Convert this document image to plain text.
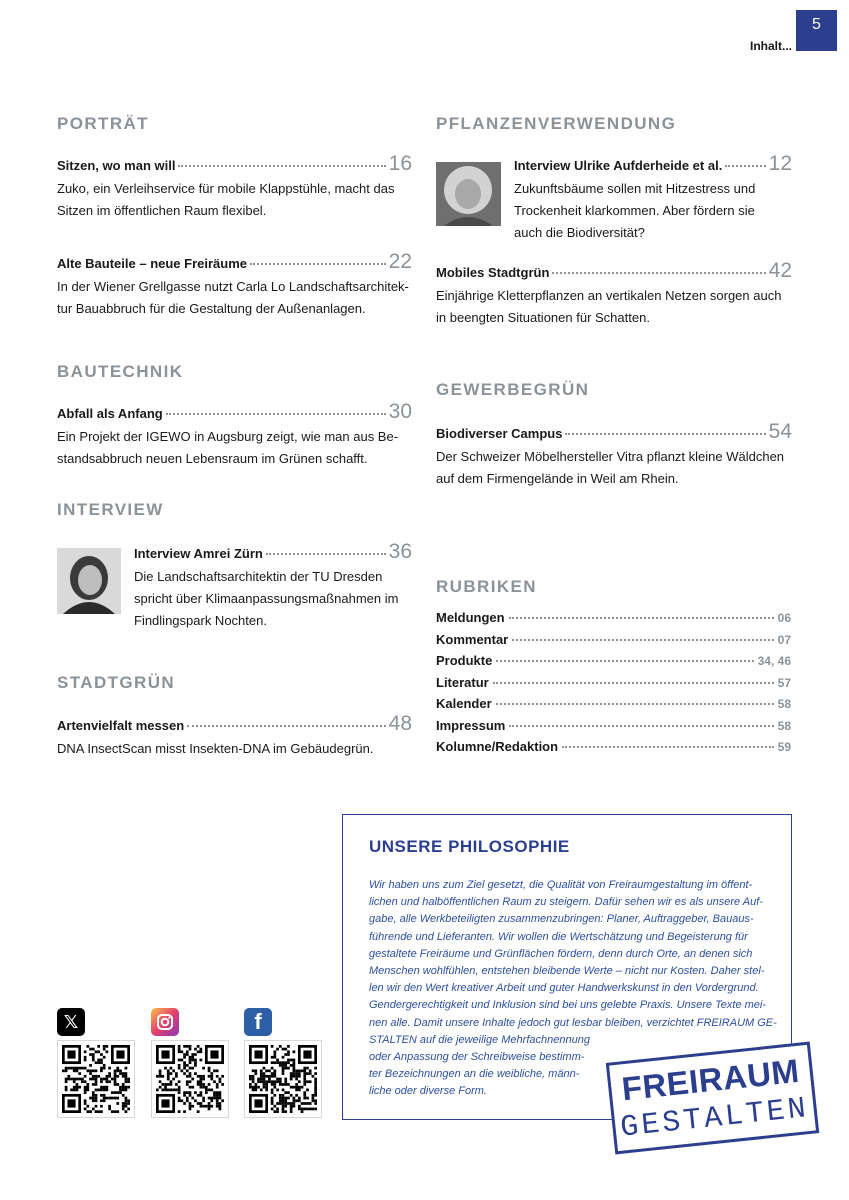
5
Inhalt...
PORTRÄT
Sitzen, wo man will	16
Zuko, ein Verleihservice für mobile Klappstühle, macht das
Sitzen im öffentlichen Raum flexibel.
Alte Bauteile – neue Freiräume	22
In der Wiener Grellgasse nutzt Carla Lo Landschaftsarchitek-
tur Bauabbruch für die Gestaltung der Außenanlagen.
BAUTECHNIK
Abfall als Anfang	30
Ein Projekt der IGEWO in Augsburg zeigt, wie man aus Be-
standsabbruch neuen Lebensraum im Grünen schafft.
INTERVIEW
Interview Amrei Zürn	36
Die Landschaftsarchitektin der TU Dresden
spricht über Klimaanpassungsmaßnahmen im
Findlingspark Nochten.
STADTGRÜN
Artenvielfalt messen	48
DNA InsectScan misst Insekten-DNA im Gebäudegrün.
PFLANZENVERWENDUNG
Interview Ulrike Aufderheide et al. 12
Zukunftsbäume sollen mit Hitzestress und
Trockenheit klarkommen. Aber fördern sie
auch die Biodiversität?
Mobiles Stadtgrün	42
Einjährige Kletterpflanzen an vertikalen Netzen sorgen auch
in beengten Situationen für Schatten.
GEWERBEGRÜN
Biodiverser Campus	54
Der Schweizer Möbelhersteller Vitra pflanzt kleine Wäldchen
auf dem Firmengelände in Weil am Rhein.
RUBRIKEN
Meldungen	06
Kommentar	07
Produkte	34, 46
Literatur	57
Kalender	58
Impressum	58
Kolumne/Redaktion	59
UNSERE PHILOSOPHIE
Wir haben uns zum Ziel gesetzt, die Qualität von Freiraumgestaltung im öffent-
lichen und halböffentlichen Raum zu steigern. Dafür sehen wir es als unsere Auf-
gabe, alle Werkbeteiligten zusammenzubringen: Planer, Auftraggeber, Bauaus-
führende und Lieferanten. Wir wollen die Wertschätzung und Begeisterung für
gestaltete Freiräume und Grünflächen fördern, denn durch Orte, an denen sich
Menschen wohlfühlen, entstehen bleibende Werte – nicht nur Kosten. Daher stel-
len wir den Wert kreativer Arbeit und guter Handwerkskunst in den Vordergrund.
Gendergerechtigkeit und Inklusion sind bei uns gelebte Praxis. Unsere Texte mei-
nen alle. Damit unsere Inhalte jedoch gut lesbar bleiben, verzichtet FREIRAUM GE-
STALTEN auf die jeweilige Mehrfachnennung
oder Anpassung der Schreibweise bestimm-
ter Bezeichnungen an die weibliche, männ-
liche oder diverse Form.	FREIRAUM
GESTALTEN
𝕏	f
